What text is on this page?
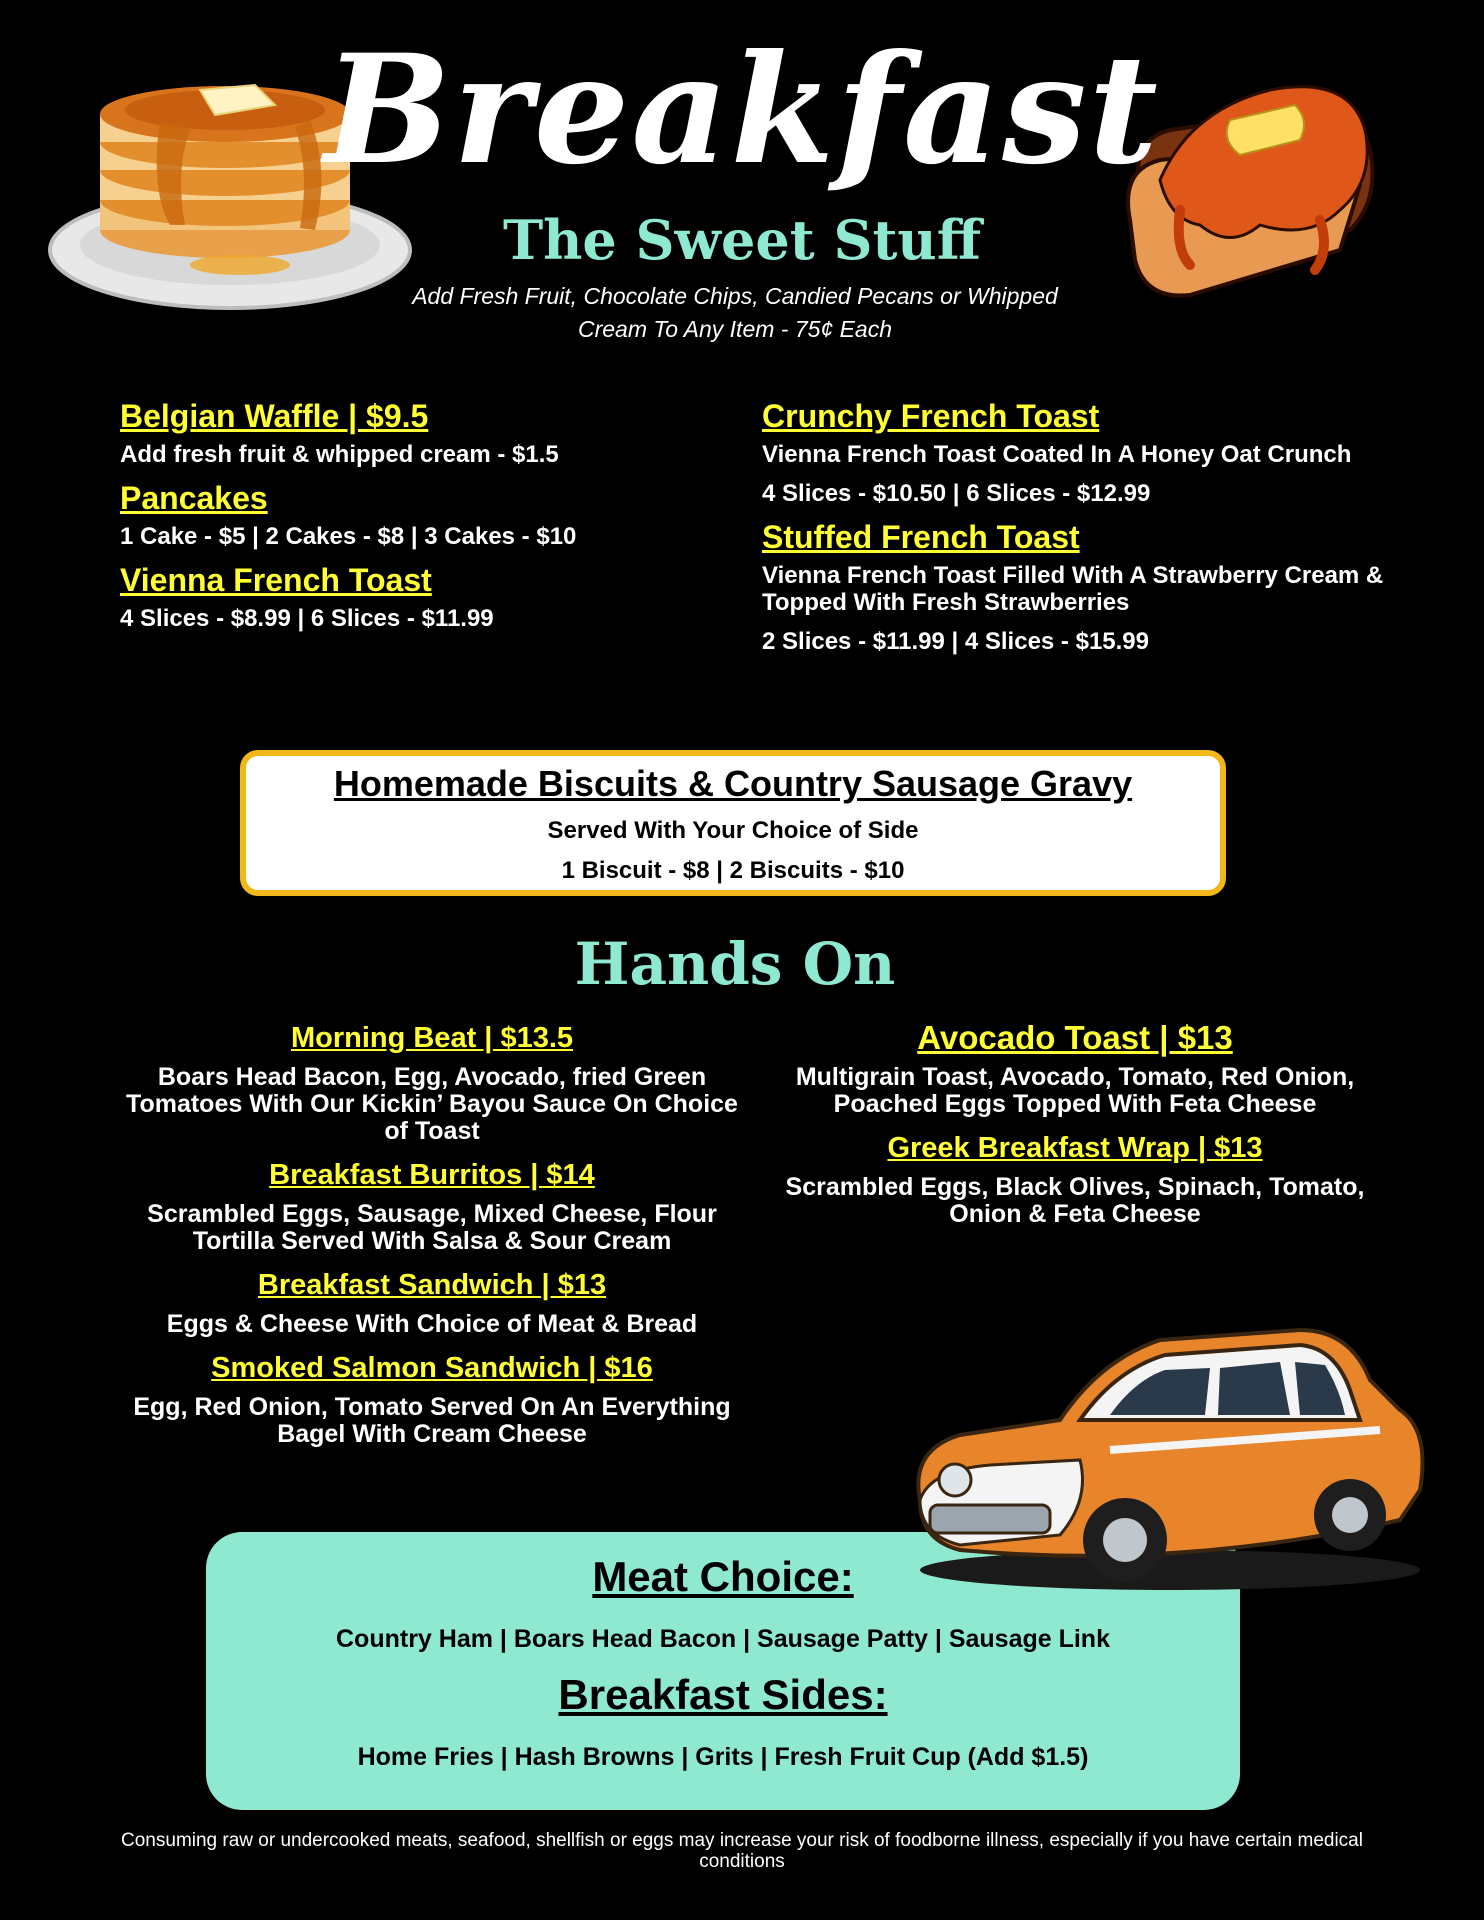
Breakfast
The Sweet Stuff
Add Fresh Fruit, Chocolate Chips, Candied Pecans or Whipped Cream To Any Item - 75¢ Each
Belgian Waffle | $9.5
Add fresh fruit & whipped cream - $1.5
Pancakes
1 Cake - $5 | 2 Cakes - $8 | 3 Cakes - $10
Vienna French Toast
4 Slices - $8.99 | 6 Slices - $11.99
Crunchy French Toast
Vienna French Toast Coated In A Honey Oat Crunch
4 Slices - $10.50 | 6 Slices - $12.99
Stuffed French Toast
Vienna French Toast Filled With A Strawberry Cream & Topped With Fresh Strawberries
2 Slices - $11.99 | 4 Slices - $15.99
Homemade Biscuits & Country Sausage Gravy
Served With Your Choice of Side
1 Biscuit - $8 | 2 Biscuits - $10
Hands On
Morning Beat | $13.5
Boars Head Bacon, Egg, Avocado, fried Green Tomatoes With Our Kickin’ Bayou Sauce On Choice of Toast
Breakfast Burritos | $14
Scrambled Eggs, Sausage, Mixed Cheese, Flour Tortilla Served With Salsa & Sour Cream
Breakfast Sandwich | $13
Eggs & Cheese With Choice of Meat & Bread
Smoked Salmon Sandwich | $16
Egg, Red Onion, Tomato Served On An Everything Bagel With Cream Cheese
Avocado Toast | $13
Multigrain Toast, Avocado, Tomato, Red Onion, Poached Eggs Topped With Feta Cheese
Greek Breakfast Wrap | $13
Scrambled Eggs, Black Olives, Spinach, Tomato, Onion & Feta Cheese
Meat Choice:
Country Ham | Boars Head Bacon | Sausage Patty | Sausage Link
Breakfast Sides:
Home Fries | Hash Browns | Grits | Fresh Fruit Cup (Add $1.5)
Consuming raw or undercooked meats, seafood, shellfish or eggs may increase your risk of foodborne illness, especially if you have certain medical conditions
